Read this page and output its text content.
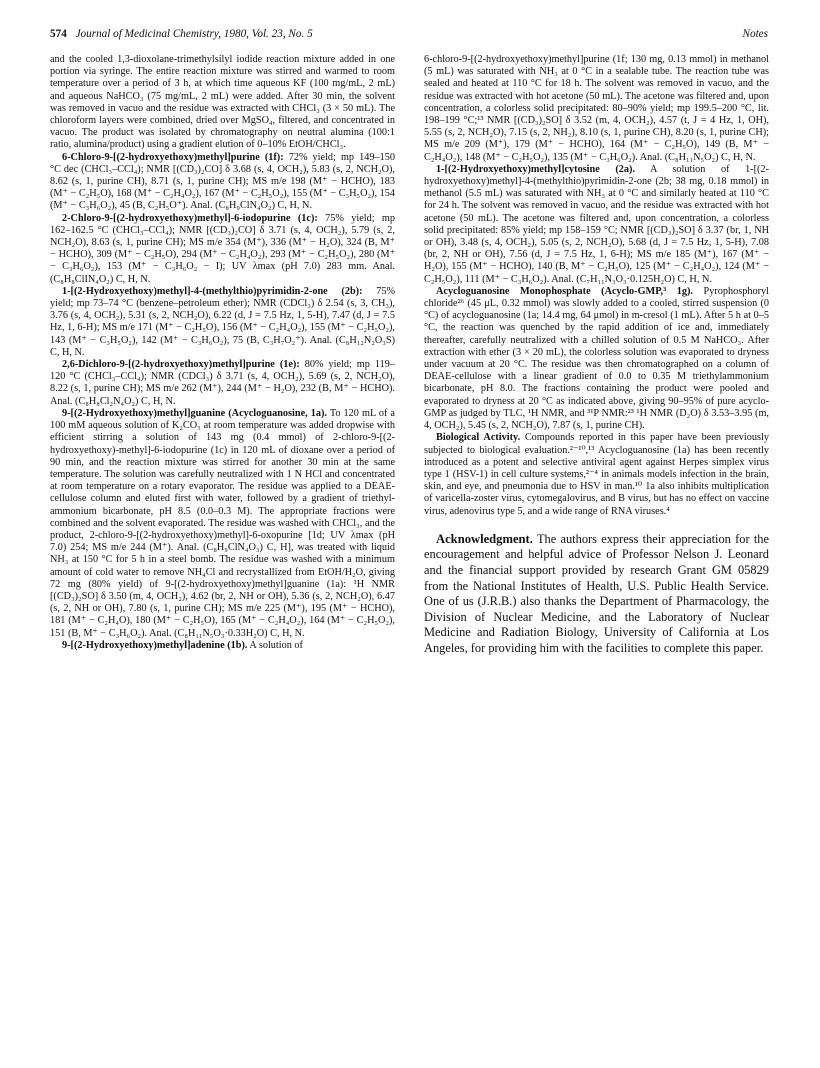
574 Journal of Medicinal Chemistry, 1980, Vol. 23, No. 5	Notes

and the cooled 1,3-dioxolane-trimethylsilyl iodide reaction mixture added in one portion via syringe. The entire reaction mixture was stirred and warmed to room temperature over a period of 3 h, at which time aqueous KF (100 mg/mL, 2 mL) and aqueous NaHCO₃ (75 mg/mL, 2 mL) were added. After 30 min, the solvent was removed in vacuo and the residue was extracted with CHCl₃ (3 × 50 mL). The chloroform layers were combined, dried over MgSO₄, filtered, and concentrated in vacuo. The product was isolated by chromatography on neutral alumina (100:1 ratio, alumina/product) using a gradient elution of 0–10% EtOH/CHCl₃.

6-Chloro-9-[(2-hydroxyethoxy)methyl]purine (1f): 72% yield; mp 149–150 °C dec (CHCl₃–CCl₄); NMR [(CD₃)₂CO] δ 3.68 (s, 4, OCH₂), 5.83 (s, 2, NCH₂O), 8.62 (s, 1, purine CH), 8.71 (s, 1, purine CH); MS m/e 198 (M⁺ − HCHO), 183 (M⁺ − C₂H₅O), 168 (M⁺ − C₂H₄O₂), 167 (M⁺ − C₂H₅O₂), 155 (M⁺ − C₃H₅O₂), 154 (M⁺ − C₃H₆O₂), 45 (B, C₂H₅O⁺). Anal. (C₈H₉ClN₄O₂) C, H, N.

2-Chloro-9-[(2-hydroxyethoxy)methyl]-6-iodopurine (1c): 75% yield; mp 162–162.5 °C (CHCl₃–CCl₄); NMR [(CD₃)₂CO] δ 3.71 (s, 4, OCH₂), 5.79 (s, 2, NCH₂O), 8.63 (s, 1, purine CH); MS m/e 354 (M⁺), 336 (M⁺ − H₂O), 324 (B, M⁺ − HCHO), 309 (M⁺ − C₂H₅O), 294 (M⁺ − C₂H₄O₂), 293 (M⁺ − C₂H₅O₂), 280 (M⁺ − C₃H₆O₂), 153 (M⁺ − C₃H₆O₂ − I); UV λmax (pH 7.0) 283 mm. Anal. (C₈H₈ClIN₄O₂) C, H, N.

1-[(2-Hydroxyethoxy)methyl]-4-(methylthio)pyrimidin-2-one (2b): 75% yield; mp 73–74 °C (benzene–petroleum ether); NMR (CDCl₃) δ 2.54 (s, 3, CH₃), 3.76 (s, 4, OCH₂), 5.31 (s, 2, NCH₂O), 6.22 (d, J = 7.5 Hz, 1, 5-H), 7.47 (d, J = 7.5 Hz, 1, 6-H); MS m/e 171 (M⁺ − C₂H₅O), 156 (M⁺ − C₂H₄O₂), 155 (M⁺ − C₂H₅O₂), 143 (M⁺ − C₃H₅O₂), 142 (M⁺ − C₃H₆O₂), 75 (B, C₃H₇O₂⁺). Anal. (C₈H₁₂N₂O₃S) C, H, N.

2,6-Dichloro-9-[(2-hydroxyethoxy)methyl]purine (1e): 80% yield; mp 119–120 °C (CHCl₃–CCl₄); NMR (CDCl₃) δ 3.71 (s, 4, OCH₂), 5.69 (s, 2, NCH₂O), 8.22 (s, 1, purine CH); MS m/e 262 (M⁺), 244 (M⁺ − H₂O), 232 (B, M⁺ − HCHO). Anal. (C₈H₈Cl₂N₄O₂) C, H, N.

9-[(2-Hydroxyethoxy)methyl]guanine (Acycloguanosine, 1a). To 120 mL of a 100 mM aqueous solution of K₂CO₃ at room temperature was added dropwise with efficient stirring a solution of 143 mg (0.4 mmol) of 2-chloro-9-[(2-hydroxyethoxy)-methyl]-6-iodopurine (1c) in 120 mL of dioxane over a period of 90 min, and the reaction mixture was stirred for another 30 min at the same temperature. The solution was carefully neutralized with 1 N HCl and concentrated at room temperature on a rotary evaporator. The residue was applied to a DEAE-cellulose column and eluted first with water, followed by a gradient of triethyl-ammonium bicarbonate, pH 8.5 (0.0–0.3 M). The appropriate fractions were combined and the solvent evaporated. The residue was washed with CHCl₃, and the product, 2-chloro-9-[(2-hydroxyethoxy)methyl]-6-oxopurine [1d; UV λmax (pH 7.0) 254; MS m/e 244 (M⁺). Anal. (C₈H₉ClN₄O₃) C, H], was treated with liquid NH₃ at 150 °C for 5 h in a steel bomb. The residue was washed with a minimum amount of cold water to remove NH₄Cl and recrystallized from EtOH/H₂O, giving 72 mg (80% yield) of 9-[(2-hydroxyethoxy)methyl]guanine (1a): ¹H NMR [(CD₃)₂SO] δ 3.50 (m, 4, OCH₂), 4.62 (br, 2, NH or OH), 5.36 (s, 2, NCH₂O), 6.47 (s, 2, NH or OH), 7.80 (s, 1, purine CH); MS m/e 225 (M⁺), 195 (M⁺ − HCHO), 181 (M⁺ − C₂H₄O), 180 (M⁺ − C₂H₅O), 165 (M⁺ − C₂H₄O₂), 164 (M⁺ − C₂H₅O₂), 151 (B, M⁺ − C₃H₆O₂). Anal. (C₈H₁₁N₅O₃·0.33H₂O) C, H, N.

9-[(2-Hydroxyethoxy)methyl]adenine (1b). A solution of

6-chloro-9-[(2-hydroxyethoxy)methyl]purine (1f; 130 mg, 0.13 mmol) in methanol (5 mL) was saturated with NH₃ at 0 °C in a sealable tube. The reaction tube was sealed and heated at 110 °C for 18 h. The solvent was removed in vacuo, and the residue was extracted with hot acetone (50 mL). The acetone was filtered and, upon concentration, a colorless solid precipitated: 80–90% yield; mp 199.5–200 °C, lit. 198–199 °C;¹³ NMR [(CD₃)₂SO] δ 3.52 (m, 4, OCH₂), 4.57 (t, J = 4 Hz, 1, OH), 5.55 (s, 2, NCH₂O), 7.15 (s, 2, NH₂), 8.10 (s, 1, purine CH), 8.20 (s, 1, purine CH); MS m/e 209 (M⁺), 179 (M⁺ − HCHO), 164 (M⁺ − C₂H₅O), 149 (B, M⁺ − C₂H₄O₂), 148 (M⁺ − C₂H₅O₂), 135 (M⁺ − C₃H₆O₂). Anal. (C₈H₁₁N₅O₂) C, H, N.

1-[(2-Hydroxyethoxy)methyl]cytosine (2a). A solution of 1-[(2-hydroxyethoxy)methyl]-4-(methylthio)pyrimidin-2-one (2b; 38 mg, 0.18 mmol) in methanol (5.5 mL) was saturated with NH₃ at 0 °C and similarly heated at 110 °C for 24 h. The solvent was removed in vacuo, and the residue was extracted with hot acetone (50 mL). The acetone was filtered and, upon concentration, a colorless solid precipitated: 85% yield; mp 158–159 °C; NMR [(CD₃)₂SO] δ 3.37 (br, 1, NH or OH), 3.48 (s, 4, OCH₂), 5.05 (s, 2, NCH₂O), 5.68 (d, J = 7.5 Hz, 1, 5-H), 7.08 (br, 2, NH or OH), 7.56 (d, J = 7.5 Hz, 1, 6-H); MS m/e 185 (M⁺), 167 (M⁺ − H₂O), 155 (M⁺ − HCHO), 140 (B, M⁺ − C₂H₅O), 125 (M⁺ − C₂H₄O₂), 124 (M⁺ − C₂H₅O₂), 111 (M⁺ − C₃H₆O₂). Anal. (C₇H₁₁N₃O₃·0.125H₂O) C, H, N.

Acycloguanosine Monophosphate (Acyclo-GMP,³ 1g). Pyrophosphoryl chloride²⁶ (45 μL, 0.32 mmol) was slowly added to a cooled, stirred suspension (0 °C) of acycloguanosine (1a; 14.4 mg, 64 μmol) in m-cresol (1 mL). After 5 h at 0–5 °C, the reaction was quenched by the rapid addition of ice and, immediately thereafter, carefully neutralized with a chilled solution of 0.5 M NaHCO₃. After extraction with ether (3 × 20 mL), the colorless solution was evaporated to dryness under vacuum at 20 °C. The residue was then chromatographed on a column of DEAE-cellulose with a linear gradient of 0.0 to 0.35 M triethylammonium bicarbonate, pH 8.0. The fractions containing the product were pooled and evaporated to dryness at 20 °C as indicated above, giving 90–95% of pure acyclo-GMP as judged by TLC, ¹H NMR, and ³¹P NMR:²³ ¹H NMR (D₂O) δ 3.53–3.95 (m, 4, OCH₂), 5.45 (s, 2, NCH₂O), 7.87 (s, 1, purine CH).

Biological Activity. Compounds reported in this paper have been previously subjected to biological evaluation.²⁻¹⁰,¹³ Acycloguanosine (1a) has been recently introduced as a potent and selective antiviral agent against Herpes simplex virus type 1 (HSV-1) in cell culture systems,²⁻⁴ in animals models infection in the brain, skin, and eye, and pneumonia due to HSV in man.¹⁰ 1a also inhibits multiplication of varicella-zoster virus, cytomegalovirus, and B virus, but has no effect on vaccine virus, adenovirus type 5, and a wide range of RNA viruses.⁴

Acknowledgment. The authors express their appreciation for the encouragement and helpful advice of Professor Nelson J. Leonard and the financial support provided by research Grant GM 05829 from the National Institutes of Health, U.S. Public Health Service. One of us (J.R.B.) also thanks the Department of Pharmacology, the Division of Nuclear Medicine, and the Laboratory of Nuclear Medicine and Radiation Biology, University of California at Los Angeles, for providing him with the facilities to complete this paper.
